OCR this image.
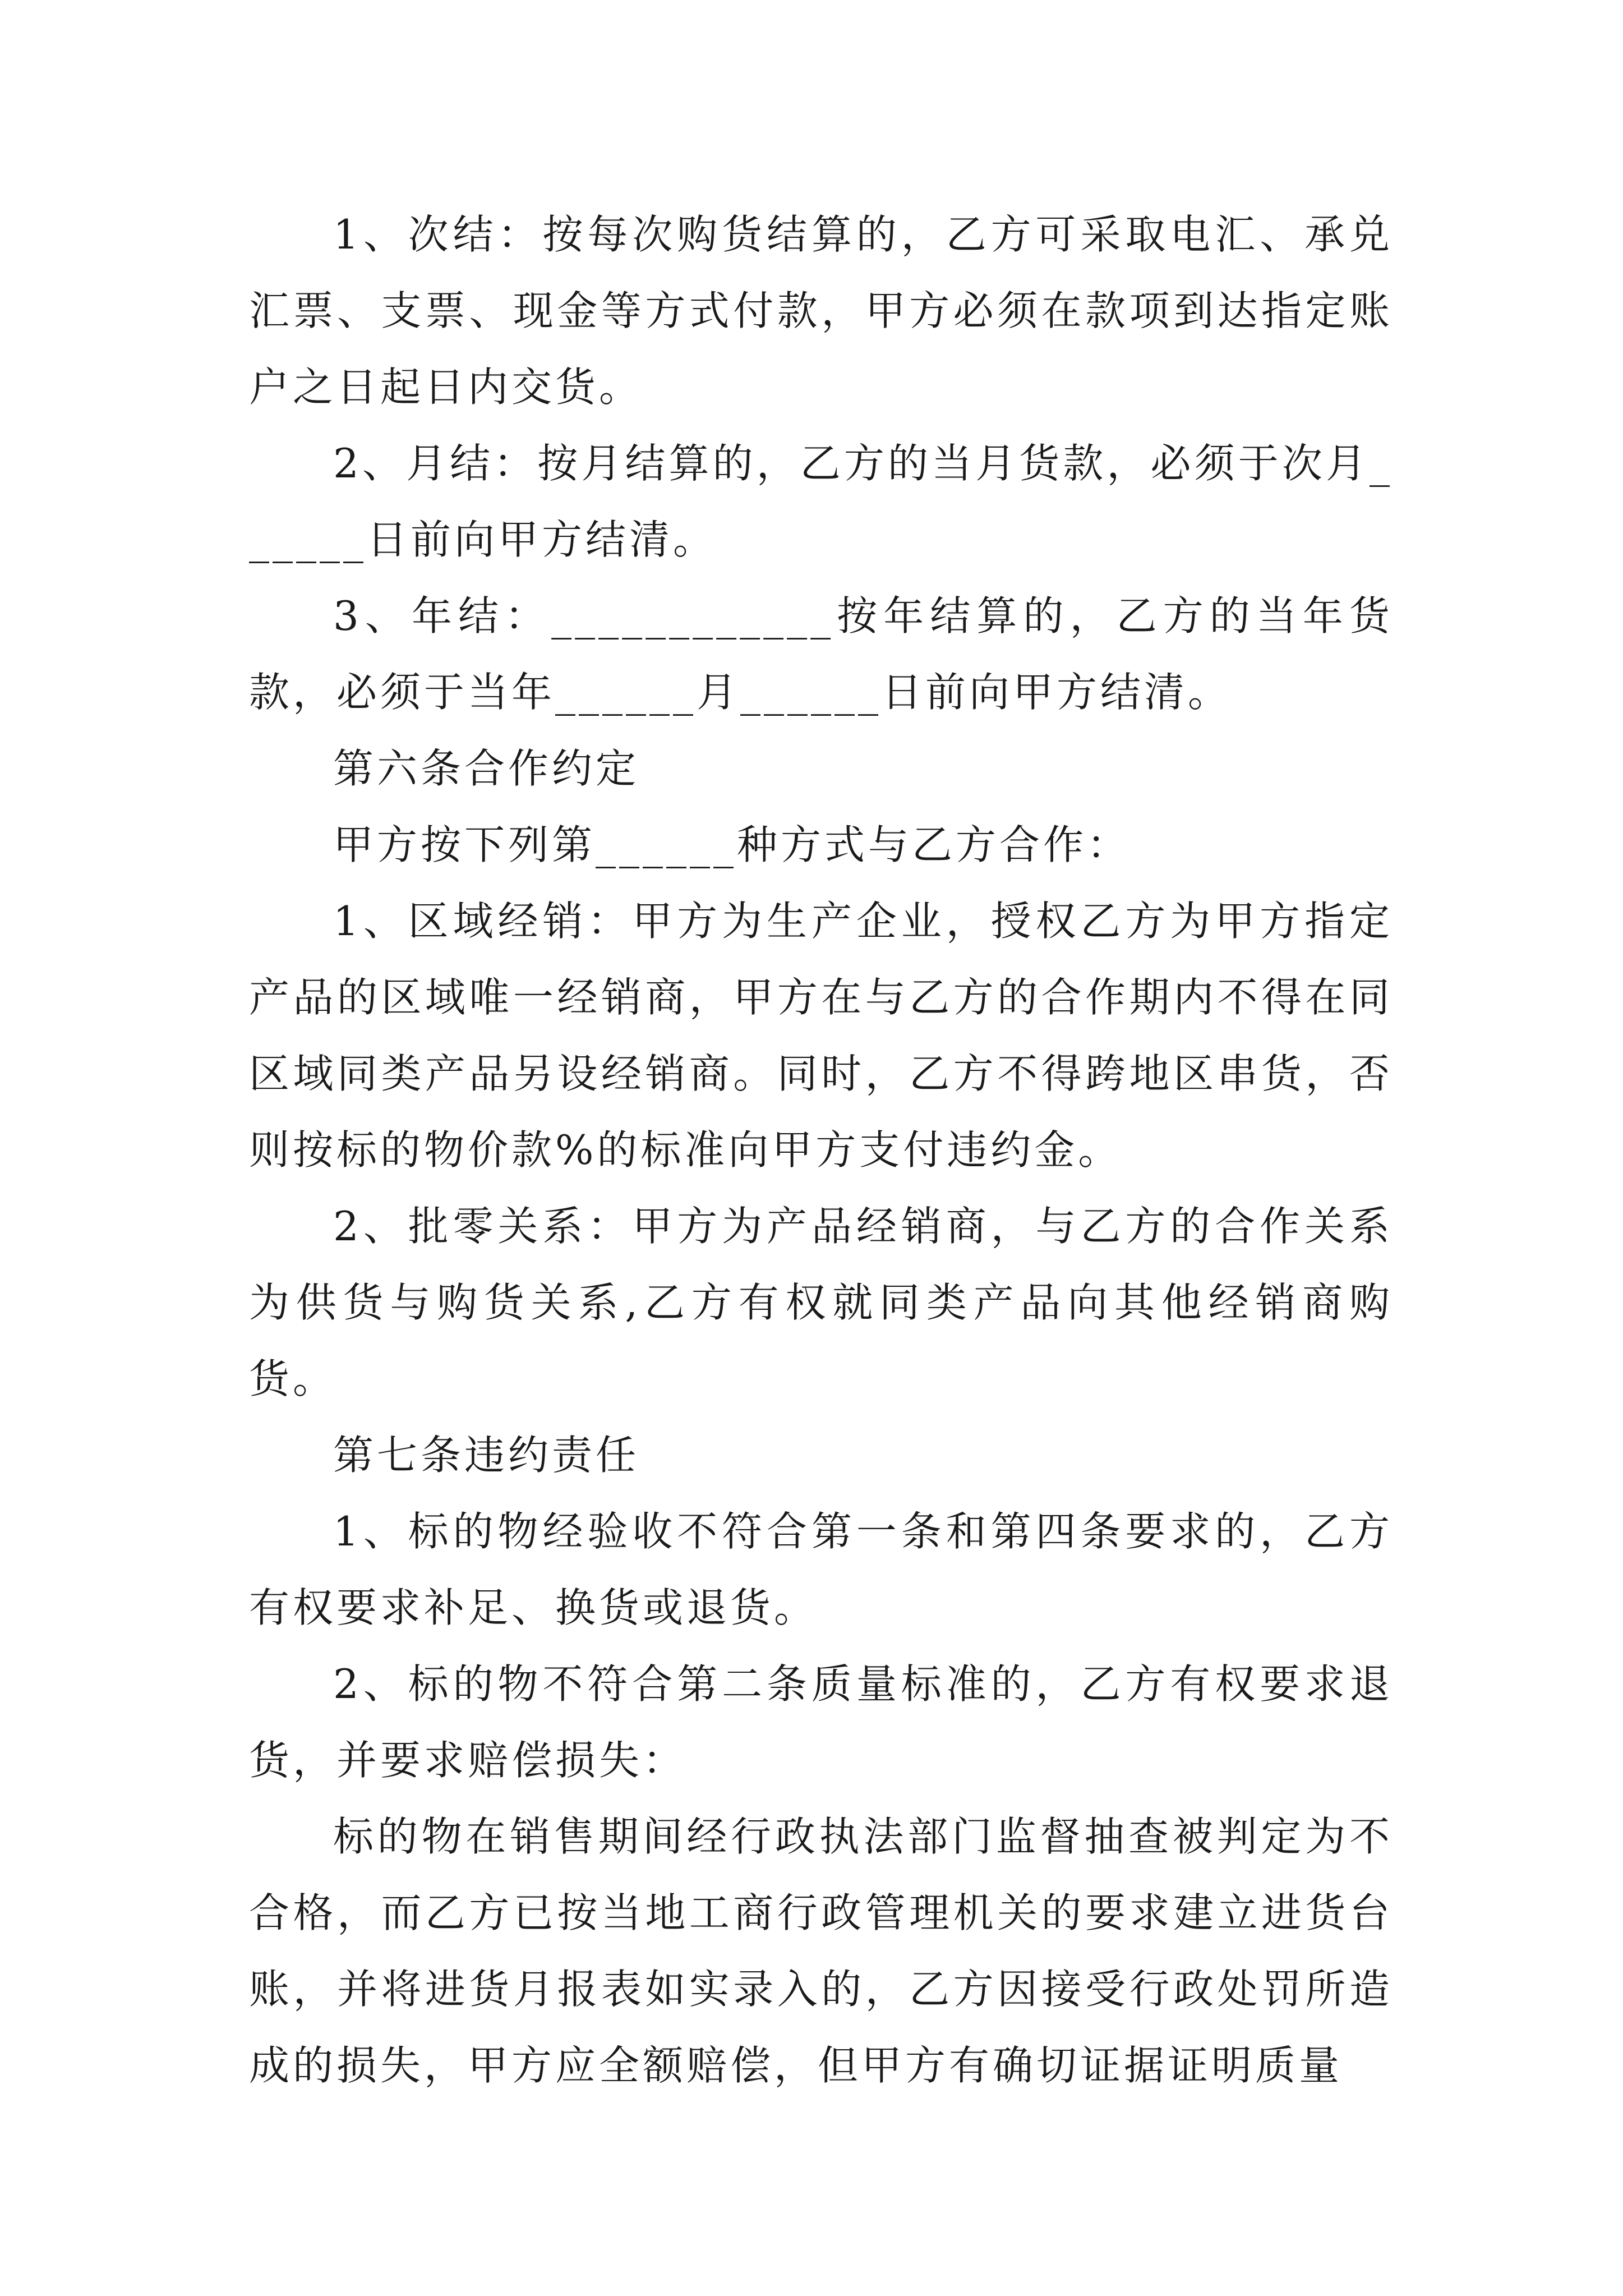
1、次结：按每次购货结算的，乙方可采取电汇、承兑汇票、支票、现金等方式付款，甲方必须在款项到达指定账户之日起日内交货。

2、月结：按月结算的，乙方的当月货款，必须于次月______日前向甲方结清。

3、年结：____________按年结算的，乙方的当年货款，必须于当年______月______日前向甲方结清。

第六条合作约定

甲方按下列第______种方式与乙方合作：

1、区域经销：甲方为生产企业，授权乙方为甲方指定产品的区域唯一经销商，甲方在与乙方的合作期内不得在同区域同类产品另设经销商。同时，乙方不得跨地区串货，否则按标的物价款%的标准向甲方支付违约金。

2、批零关系：甲方为产品经销商，与乙方的合作关系为供货与购货关系,乙方有权就同类产品向其他经销商购货。

第七条违约责任

1、标的物经验收不符合第一条和第四条要求的，乙方有权要求补足、换货或退货。

2、标的物不符合第二条质量标准的，乙方有权要求退货，并要求赔偿损失：

标的物在销售期间经行政执法部门监督抽查被判定为不合格，而乙方已按当地工商行政管理机关的要求建立进货台账，并将进货月报表如实录入的，乙方因接受行政处罚所造成的损失，甲方应全额赔偿，但甲方有确切证据证明质量
